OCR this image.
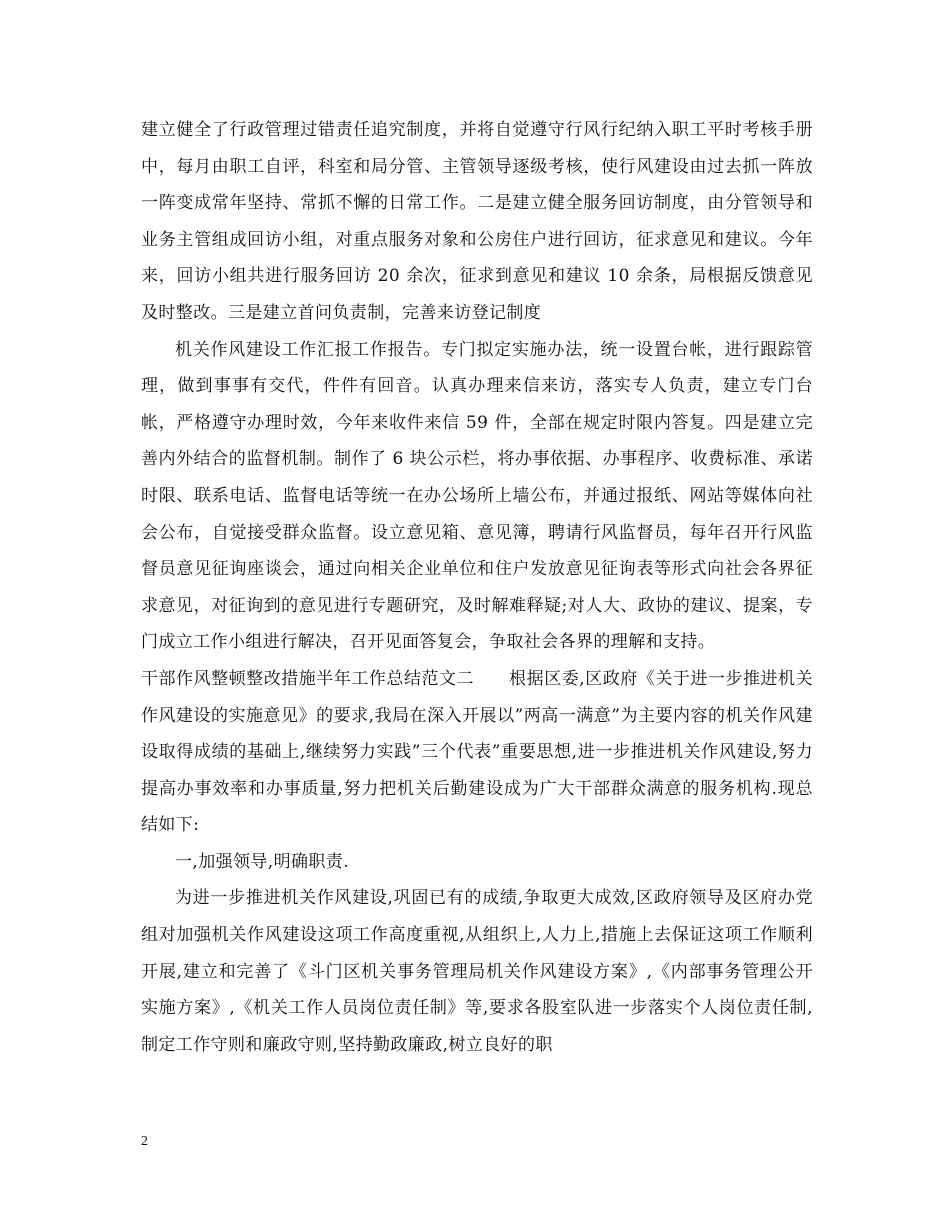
建立健全了行政管理过错责任追究制度，并将自觉遵守行风行纪纳入职工平时考核手册中，每月由职工自评，科室和局分管、主管领导逐级考核，使行风建设由过去抓一阵放一阵变成常年坚持、常抓不懈的日常工作。二是建立健全服务回访制度，由分管领导和业务主管组成回访小组，对重点服务对象和公房住户进行回访，征求意见和建议。今年来，回访小组共进行服务回访 20 余次，征求到意见和建议 10 余条，局根据反馈意见及时整改。三是建立首问负责制，完善来访登记制度

机关作风建设工作汇报工作报告。专门拟定实施办法，统一设置台帐，进行跟踪管理，做到事事有交代，件件有回音。认真办理来信来访，落实专人负责，建立专门台帐，严格遵守办理时效，今年来收件来信 59 件，全部在规定时限内答复。四是建立完善内外结合的监督机制。制作了 6 块公示栏，将办事依据、办事程序、收费标准、承诺时限、联系电话、监督电话等统一在办公场所上墙公布，并通过报纸、网站等媒体向社会公布，自觉接受群众监督。设立意见箱、意见簿，聘请行风监督员，每年召开行风监督员意见征询座谈会，通过向相关企业单位和住户发放意见征询表等形式向社会各界征求意见，对征询到的意见进行专题研究，及时解难释疑;对人大、政协的建议、提案，专门成立工作小组进行解决，召开见面答复会，争取社会各界的理解和支持。

干部作风整顿整改措施半年工作总结范文二　　根据区委,区政府《关于进一步推进机关作风建设的实施意见》的要求,我局在深入开展以”两高一满意”为主要内容的机关作风建设取得成绩的基础上,继续努力实践”三个代表”重要思想,进一步推进机关作风建设,努力提高办事效率和办事质量,努力把机关后勤建设成为广大干部群众满意的服务机构.现总结如下:

一,加强领导,明确职责.

为进一步推进机关作风建设,巩固已有的成绩,争取更大成效,区政府领导及区府办党组对加强机关作风建设这项工作高度重视,从组织上,人力上,措施上去保证这项工作顺利开展,建立和完善了《斗门区机关事务管理局机关作风建设方案》,《内部事务管理公开实施方案》,《机关工作人员岗位责任制》等,要求各股室队进一步落实个人岗位责任制,制定工作守则和廉政守则,坚持勤政廉政,树立良好的职

2
